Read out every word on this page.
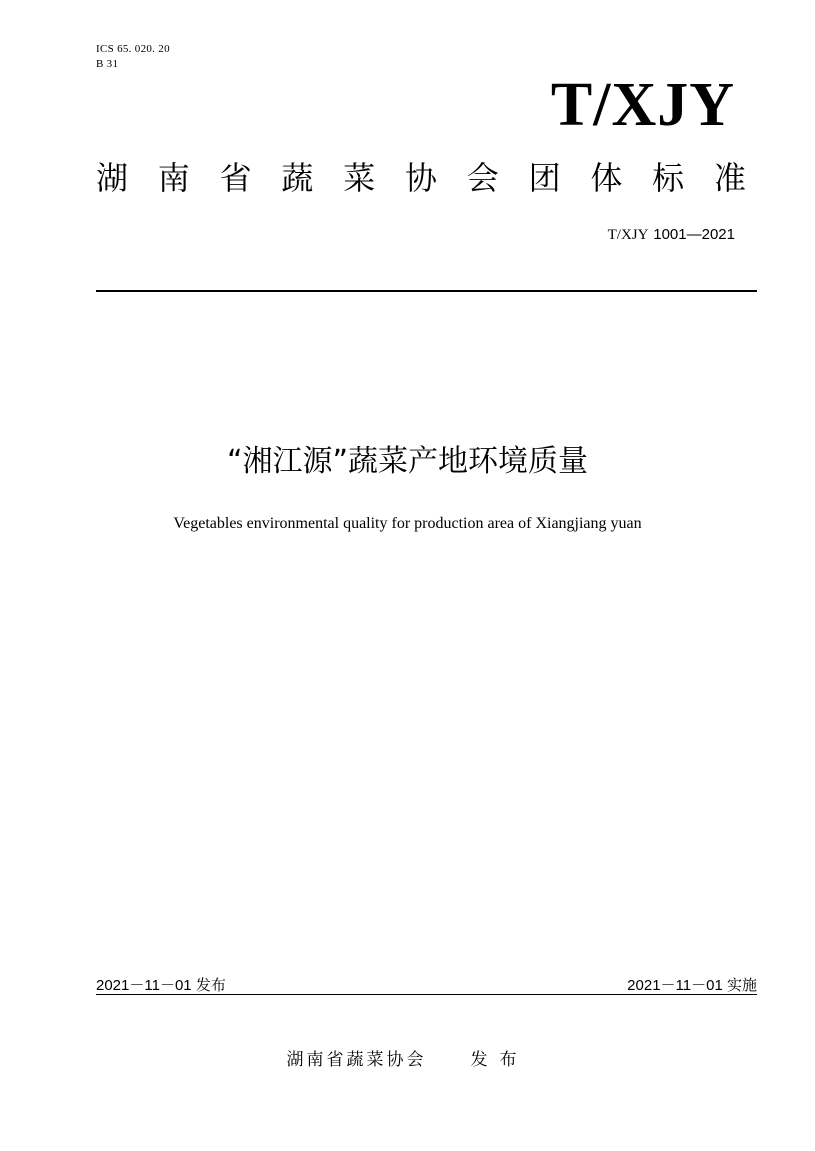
ICS 65. 020. 20
B 31
T/XJY
湖 南 省 蔬 菜 协 会 团 体 标 准
T/XJY 1001—2021
“湘江源”蔬菜产地环境质量
Vegetables environmental quality for production area of Xiangjiang yuan
2021－11－01 发布	2021－11－01 实施
湖南省蔬菜协会	发布
